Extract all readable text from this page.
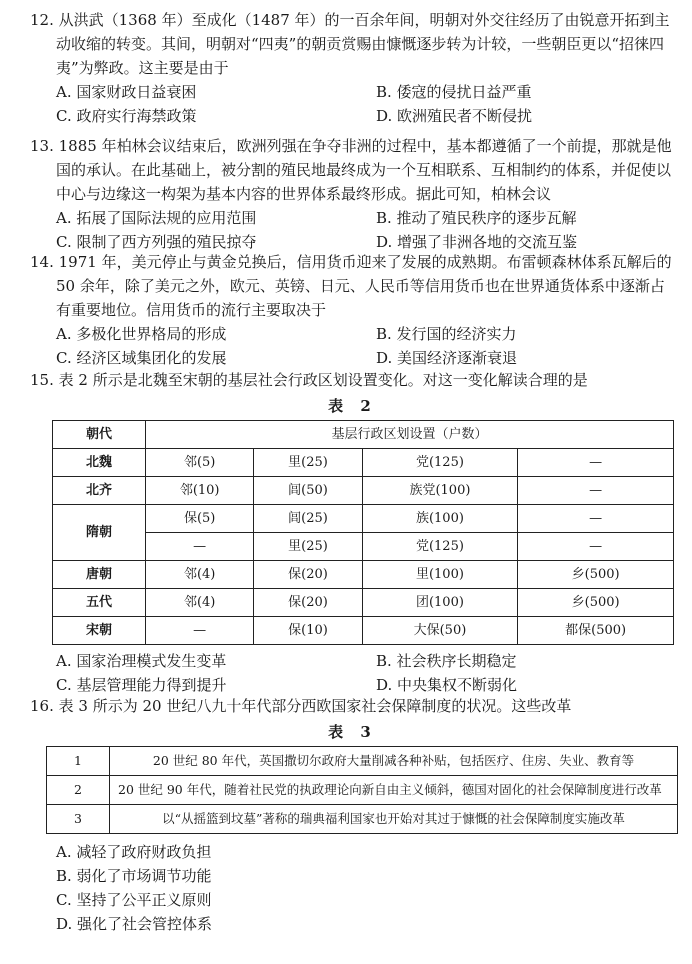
12. 从洪武（1368 年）至成化（1487 年）的一百余年间，明朝对外交往经历了由锐意开拓到主动收缩的转变。其间，明朝对“四夷”的朝贡赏赐由慷慨逐步转为计较，一些朝臣更以“招徕四夷”为弊政。这主要是由于

A. 国家财政日益衰困	B. 倭寇的侵扰日益严重
C. 政府实行海禁政策	D. 欧洲殖民者不断侵扰

13. 1885 年柏林会议结束后，欧洲列强在争夺非洲的过程中，基本都遵循了一个前提，那就是他国的承认。在此基础上，被分割的殖民地最终成为一个互相联系、互相制约的体系，并促使以中心与边缘这一构架为基本内容的世界体系最终形成。据此可知，柏林会议

A. 拓展了国际法规的应用范围	B. 推动了殖民秩序的逐步瓦解
C. 限制了西方列强的殖民掠夺	D. 增强了非洲各地的交流互鉴

14. 1971 年，美元停止与黄金兑换后，信用货币迎来了发展的成熟期。布雷顿森林体系瓦解后的 50 余年，除了美元之外，欧元、英镑、日元、人民币等信用货币也在世界通货体系中逐渐占有重要地位。信用货币的流行主要取决于

A. 多极化世界格局的形成	B. 发行国的经济实力
C. 经济区域集团化的发展	D. 美国经济逐渐衰退

15. 表 2 所示是北魏至宋朝的基层社会行政区划设置变化。对这一变化解读合理的是

表 2
朝代	基层行政区划设置（户数）			
北魏	邻(5)	里(25)	党(125)	—
北齐	邻(10)	闾(50)	族党(100)	—
隋朝	保(5)	闾(25)	族(100)	—
	—	里(25)	党(125)	—
唐朝	邻(4)	保(20)	里(100)	乡(500)
五代	邻(4)	保(20)	团(100)	乡(500)
宋朝	—	保(10)	大保(50)	都保(500)
A. 国家治理模式发生变革	B. 社会秩序长期稳定
C. 基层管理能力得到提升	D. 中央集权不断弱化

16. 表 3 所示为 20 世纪八九十年代部分西欧国家社会保障制度的状况。这些改革

表 3
1	20 世纪 80 年代，英国撒切尔政府大量削减各种补贴，包括医疗、住房、失业、教育等
2	20 世纪 90 年代，随着社民党的执政理论向新自由主义倾斜，德国对固化的社会保障制度进行改革
3	以“从摇篮到坟墓”著称的瑞典福利国家也开始对其过于慷慨的社会保障制度实施改革
A. 减轻了政府财政负担
B. 弱化了市场调节功能
C. 坚持了公平正义原则
D. 强化了社会管控体系
